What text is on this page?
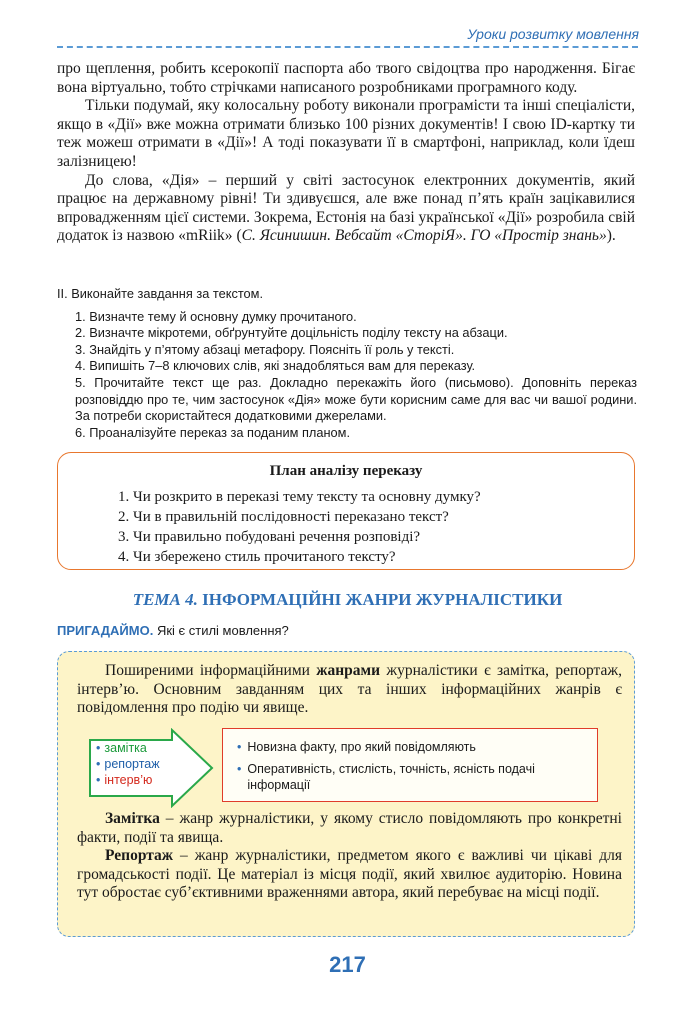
Уроки розвитку мовлення

про щеплення, робить ксерокопії паспорта або твого свідоцтва про народження. Бігає вона віртуально, тобто стрічками написаного розробниками програмного коду.

Тільки подумай, яку колосальну роботу виконали програмісти та інші спеціалісти, якщо в «Дії» вже можна отримати близько 100 різних документів! І свою ID-картку ти теж можеш отримати в «Дії»! А тоді показувати її в смартфоні, наприклад, коли їдеш залізницею!

До слова, «Дія» – перший у світі застосунок електронних документів, який працює на державному рівні! Ти здивуєшся, але вже понад п’ять країн зацікавилися впровадженням цієї системи. Зокрема, Естонія на базі української «Дії» розробила свій додаток із назвою «mRiik» (С. Ясинишин. Вебсайт «СторіЯ». ГО «Простір знань»).

ІІ. Виконайте завдання за текстом.

1. Визначте тему й основну думку прочитаного.
2. Визначте мікротеми, обґрунтуйте доцільність поділу тексту на абзаци.
3. Знайдіть у п’ятому абзаці метафору. Поясніть її роль у тексті.
4. Випишіть 7–8 ключових слів, які знадобляться вам для переказу.
5. Прочитайте текст ще раз. Докладно перекажіть його (письмово). Доповніть переказ розповіддю про те, чим застосунок «Дія» може бути корисним саме для вас чи вашої родини. За потреби скористайтеся додатковими джерелами.
6. Проаналізуйте переказ за поданим планом.
План аналізу переказу
1. Чи розкрито в переказі тему тексту та основну думку?
2. Чи в правильній послідовності переказано текст?
3. Чи правильно побудовані речення розповіді?
4. Чи збережено стиль прочитаного тексту?
ТЕМА 4. ІНФОРМАЦІЙНІ ЖАНРИ ЖУРНАЛІСТИКИ
ПРИГАДАЙМО. Які є стилі мовлення?

Поширеними інформаційними жанрами журналістики є замітка, репортаж, інтерв’ю. Основним завданням цих та інших інформаційних жанрів є повідомлення про подію чи явище.

• замітка
• репортаж
• інтерв’ю
• Новизна факту, про який повідомляють
• Оперативність, стислість, точність, ясність подачі інформації

Замітка – жанр журналістики, у якому стисло повідомляють про конкретні факти, події та явища.

Репортаж – жанр журналістики, предметом якого є важливі чи цікаві для громадськості події. Це матеріал із місця події, який хвилює аудиторію. Новина тут обростає суб’єктивними враженнями автора, який перебуває на місці події.

217
